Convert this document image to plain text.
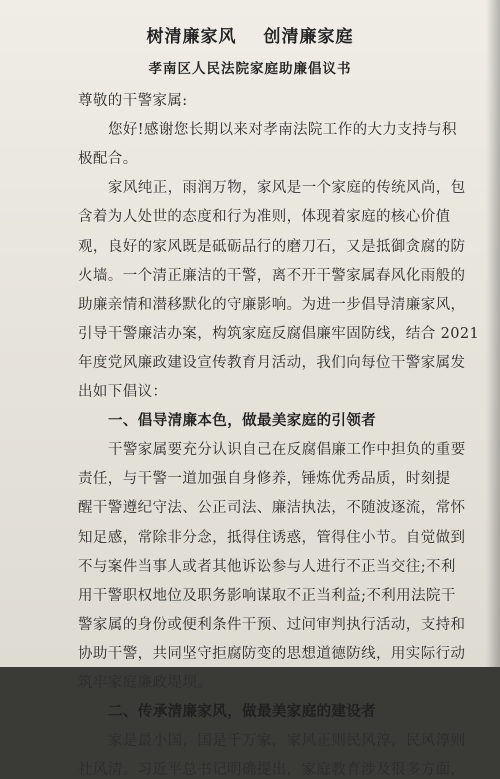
树清廉家风 创清廉家庭
孝南区人民法院家庭助廉倡议书
尊敬的干警家属:
您好!感谢您长期以来对孝南法院工作的大力支持与积
极配合。
家风纯正，雨润万物，家风是一个家庭的传统风尚，包
含着为人处世的态度和行为准则，体现着家庭的核心价值
观，良好的家风既是砥砺品行的磨刀石，又是抵御贪腐的防
火墙。一个清正廉洁的干警，离不开干警家属春风化雨般的
助廉亲情和潜移默化的守廉影响。为进一步倡导清廉家风，
引导干警廉洁办案，构筑家庭反腐倡廉牢固防线，结合 2021
年度党风廉政建设宣传教育月活动，我们向每位干警家属发
出如下倡议：
一、倡导清廉本色，做最美家庭的引领者
干警家属要充分认识自己在反腐倡廉工作中担负的重要
责任，与干警一道加强自身修养，锤炼优秀品质，时刻提
醒干警遵纪守法、公正司法、廉洁执法，不随波逐流，常怀
知足感，常除非分念，抵得住诱惑，管得住小节。自觉做到
不与案件当事人或者其他诉讼参与人进行不正当交往;不利
用干警职权地位及职务影响谋取不正当利益;不利用法院干
警家属的身份或便利条件干预、过问审判执行活动，支持和
协助干警，共同坚守拒腐防变的思想道德防线，用实际行动
筑牢家庭廉政堤坝。
二、传承清廉家风，做最美家庭的建设者
家是最小国，国是千万家，家风正则民风淳，民风淳则
社风清。习近平总书记明确提出，家庭教育涉及很多方面，
